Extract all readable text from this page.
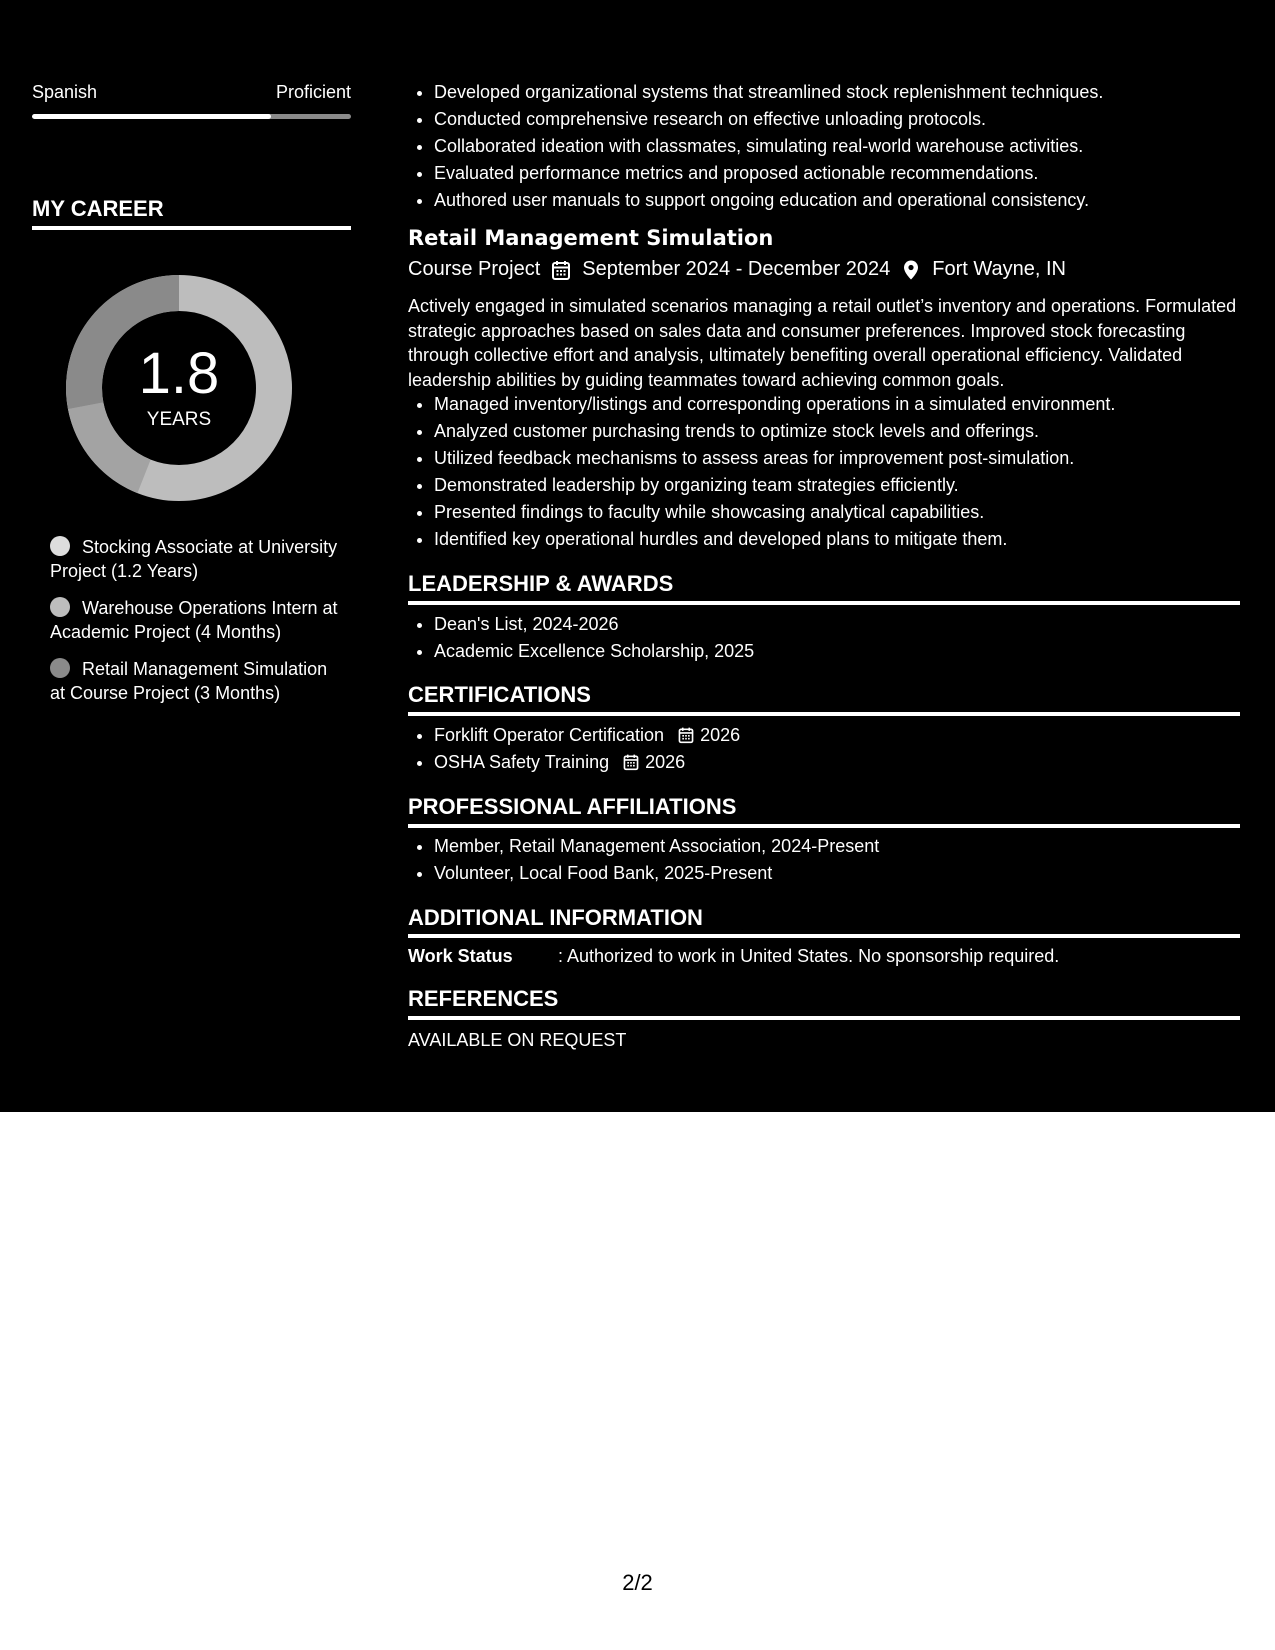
Spanish	Proficient
MY CAREER
1.8
YEARS
Stocking Associate at University Project (1.2 Years)
Warehouse Operations Intern at Academic Project (4 Months)
Retail Management Simulation at Course Project (3 Months)
• Developed organizational systems that streamlined stock replenishment techniques.
• Conducted comprehensive research on effective unloading protocols.
• Collaborated ideation with classmates, simulating real-world warehouse activities.
• Evaluated performance metrics and proposed actionable recommendations.
• Authored user manuals to support ongoing education and operational consistency.
Retail Management Simulation
Course Project September 2024 - December 2024 Fort Wayne, IN
Actively engaged in simulated scenarios managing a retail outlet’s inventory and operations. Formulated strategic approaches based on sales data and consumer preferences. Improved stock forecasting through collective effort and analysis, ultimately benefiting overall operational efficiency. Validated leadership abilities by guiding teammates toward achieving common goals.
• Managed inventory/listings and corresponding operations in a simulated environment.
• Analyzed customer purchasing trends to optimize stock levels and offerings.
• Utilized feedback mechanisms to assess areas for improvement post-simulation.
• Demonstrated leadership by organizing team strategies efficiently.
• Presented findings to faculty while showcasing analytical capabilities.
• Identified key operational hurdles and developed plans to mitigate them.
LEADERSHIP & AWARDS
• Dean's List, 2024-2026
• Academic Excellence Scholarship, 2025
CERTIFICATIONS
• Forklift Operator Certification 2026
• OSHA Safety Training 2026
PROFESSIONAL AFFILIATIONS
• Member, Retail Management Association, 2024-Present
• Volunteer, Local Food Bank, 2025-Present
ADDITIONAL INFORMATION
Work Status	: Authorized to work in United States. No sponsorship required.
REFERENCES
AVAILABLE ON REQUEST
2/2
